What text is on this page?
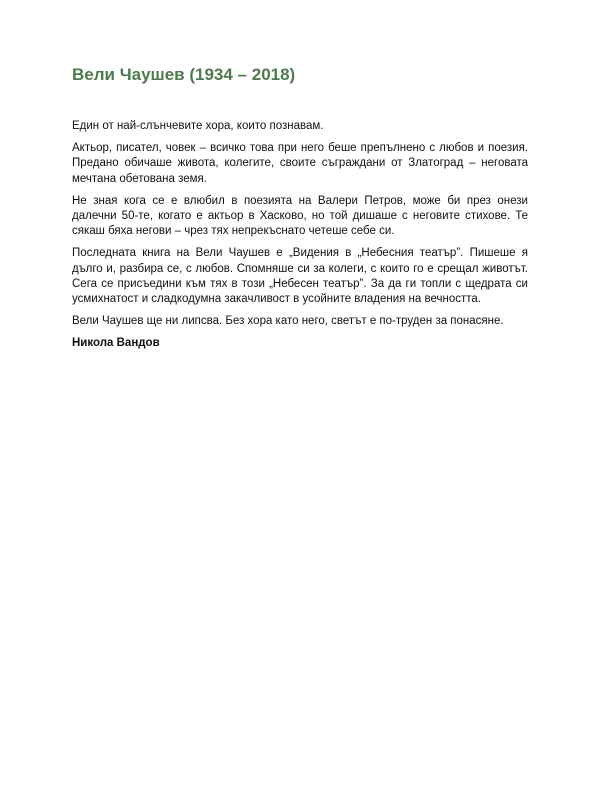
Вели Чаушев (1934 – 2018)

Един от най-слънчевите хора, които познавам.

Актьор, писател, човек – всичко това при него беше препълнено с любов и поезия. Предано обичаше живота, колегите, своите съграждани от Златоград – неговата мечтана обетована земя.

Не зная кога се е влюбил в поезията на Валери Петров, може би през онези далечни 50-те, когато е актьор в Хасково, но той дишаше с неговите стихове. Те сякаш бяха негови – чрез тях непрекъснато четеше себе си.

Последната книга на Вели Чаушев е „Видения в „Небесния театър”. Пишеше я дълго и, разбира се, с любов. Спомняше си за колеги, с които го е срещал животът. Сега се присъедини към тях в този „Небесен театър”. За да ги топли с щедрата си усмихнатост и сладкодумна закачливост в усойните владения на вечността.

Вели Чаушев ще ни липсва. Без хора като него, светът е по-труден за понасяне.

Никола Вандов
